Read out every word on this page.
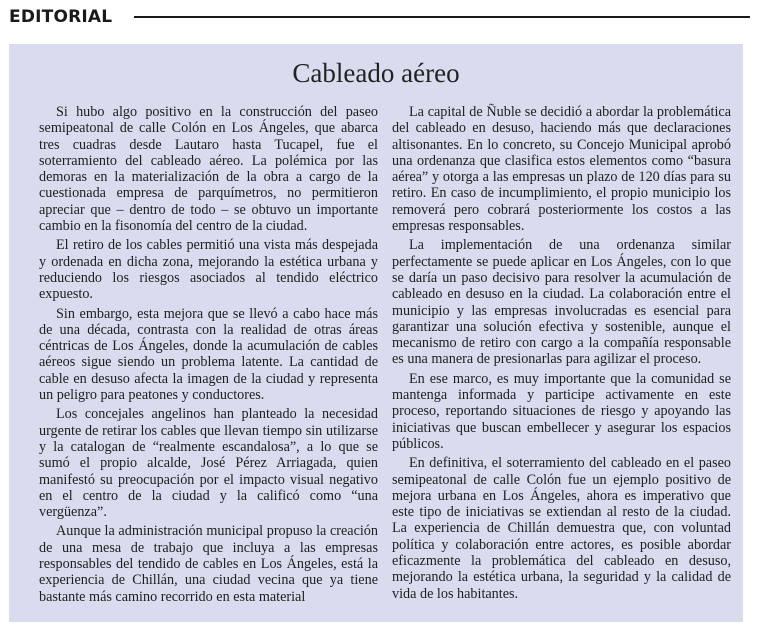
EDITORIAL
Cableado aéreo

Si hubo algo positivo en la construcción del paseo semipeatonal de calle Colón en Los Ángeles, que abarca tres cuadras desde Lautaro hasta Tucapel, fue el soterramiento del cableado aéreo. La polémica por las demoras en la materialización de la obra a cargo de la cuestionada empresa de parquímetros, no permitieron apreciar que – dentro de todo – se obtuvo un importante cambio en la fisonomía del centro de la ciudad.

El retiro de los cables permitió una vista más despejada y ordenada en dicha zona, mejorando la estética urbana y reduciendo los riesgos asociados al tendido eléctrico expuesto.

Sin embargo, esta mejora que se llevó a cabo hace más de una década, contrasta con la realidad de otras áreas céntricas de Los Ángeles, donde la acumulación de cables aéreos sigue siendo un problema latente. La cantidad de cable en desuso afecta la imagen de la ciudad y representa un peligro para peatones y conductores.

Los concejales angelinos han planteado la necesidad urgente de retirar los cables que llevan tiempo sin utilizarse y la catalogan de “realmente escandalosa”, a lo que se sumó el propio alcalde, José Pérez Arriagada, quien manifestó su preocupación por el impacto visual negativo en el centro de la ciudad y la calificó como “una vergüenza”.

Aunque la administración municipal propuso la creación de una mesa de trabajo que incluya a las empresas responsables del tendido de cables en Los Ángeles, está la experiencia de Chillán, una ciudad vecina que ya tiene bastante más camino recorrido en esta material

La capital de Ñuble se decidió a abordar la problemática del cableado en desuso, haciendo más que declaraciones altisonantes. En lo concreto, su Concejo Municipal aprobó una ordenanza que clasifica estos elementos como “basura aérea” y otorga a las empresas un plazo de 120 días para su retiro. En caso de incumplimiento, el propio municipio los removerá pero cobrará posteriormente los costos a las empresas responsables.

La implementación de una ordenanza similar perfectamente se puede aplicar en Los Ángeles, con lo que se daría un paso decisivo para resolver la acumulación de cableado en desuso en la ciudad. La colaboración entre el municipio y las empresas involucradas es esencial para garantizar una solución efectiva y sostenible, aunque el mecanismo de retiro con cargo a la compañía responsable es una manera de presionarlas para agilizar el proceso.

En ese marco, es muy importante que la comunidad se mantenga informada y participe activamente en este proceso, reportando situaciones de riesgo y apoyando las iniciativas que buscan embellecer y asegurar los espacios públicos.

En definitiva, el soterramiento del cableado en el paseo semipeatonal de calle Colón fue un ejemplo positivo de mejora urbana en Los Ángeles, ahora es imperativo que este tipo de iniciativas se extiendan al resto de la ciudad. La experiencia de Chillán demuestra que, con voluntad política y colaboración entre actores, es posible abordar eficazmente la problemática del cableado en desuso, mejorando la estética urbana, la seguridad y la calidad de vida de los habitantes.
